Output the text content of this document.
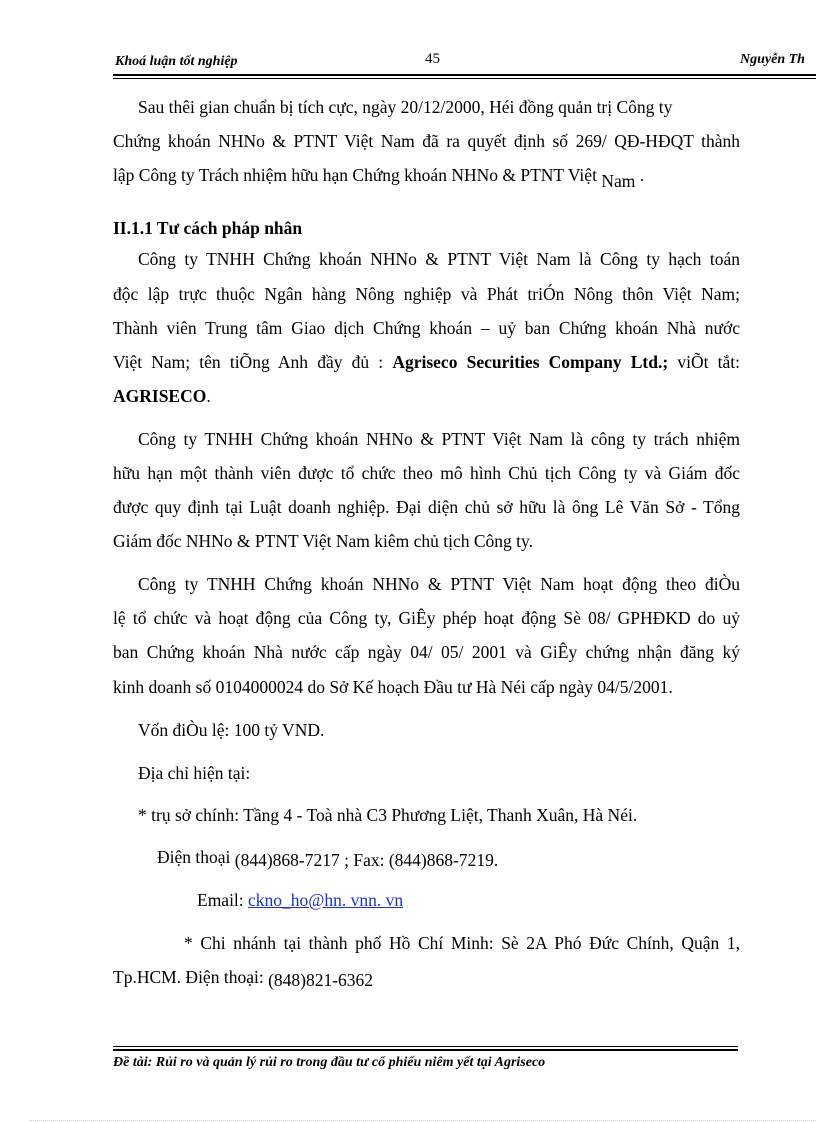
Khoá luận tốt nghiệp	45	Nguyễn Th
Sau thêi gian chuẩn bị tích cực, ngày 20/12/2000, Héi đồng quản trị Công ty
Chứng khoán NHNo & PTNT Việt Nam đã ra quyết định số 269/ QĐ-HĐQT thành
lập Công ty Trách nhiệm hữu hạn Chứng khoán NHNo & PTNT Việt Nam .
II.1.1 Tư cách pháp nhân
Công ty TNHH Chứng khoán NHNo & PTNT Việt Nam là Công ty hạch toán
độc lập trực thuộc Ngân hàng Nông nghiệp và Phát triÓn Nông thôn Việt Nam;
Thành viên Trung tâm Giao dịch Chứng khoán – uỷ ban Chứng khoán Nhà nước
Việt Nam; tên tiÕng Anh đầy đủ : Agriseco Securities Company Ltd.; viÕt tắt:
AGRISECO.
Công ty TNHH Chứng khoán NHNo & PTNT Việt Nam là công ty trách nhiệm
hữu hạn một thành viên được tổ chức theo mô hình Chủ tịch Công ty và Giám đốc
được quy định tại Luật doanh nghiệp. Đại diện chủ sở hữu là ông Lê Văn Sở - Tổng
Giám đốc NHNo & PTNT Việt Nam kiêm chủ tịch Công ty.
Công ty TNHH Chứng khoán NHNo & PTNT Việt Nam hoạt động theo điÒu
lệ tổ chức và hoạt động của Công ty, GiÊy phép hoạt động Sè 08/ GPHĐKD do uỷ
ban Chứng khoán Nhà nước cấp ngày 04/ 05/ 2001 và GiÊy chứng nhận đăng ký
kinh doanh số 0104000024 do Sở Kế hoạch Đầu tư Hà Néi cấp ngày 04/5/2001.
Vốn điÒu lệ: 100 tỷ VND.
Địa chỉ hiện tại:
* trụ sở chính: Tầng 4 - Toà nhà C3 Phương Liệt, Thanh Xuân, Hà Néi.
Điện thoại (844)868-7217 ; Fax: (844)868-7219.
Email: ckno_ho@hn. vnn. vn
* Chi nhánh tại thành phố Hồ Chí Minh: Sè 2A Phó Đức Chính, Quận 1,
Tp.HCM. Điện thoại: (848)821-6362
Đề tài: Rủi ro và quản lý rủi ro trong đầu tư cổ phiếu niêm yết tại Agriseco
